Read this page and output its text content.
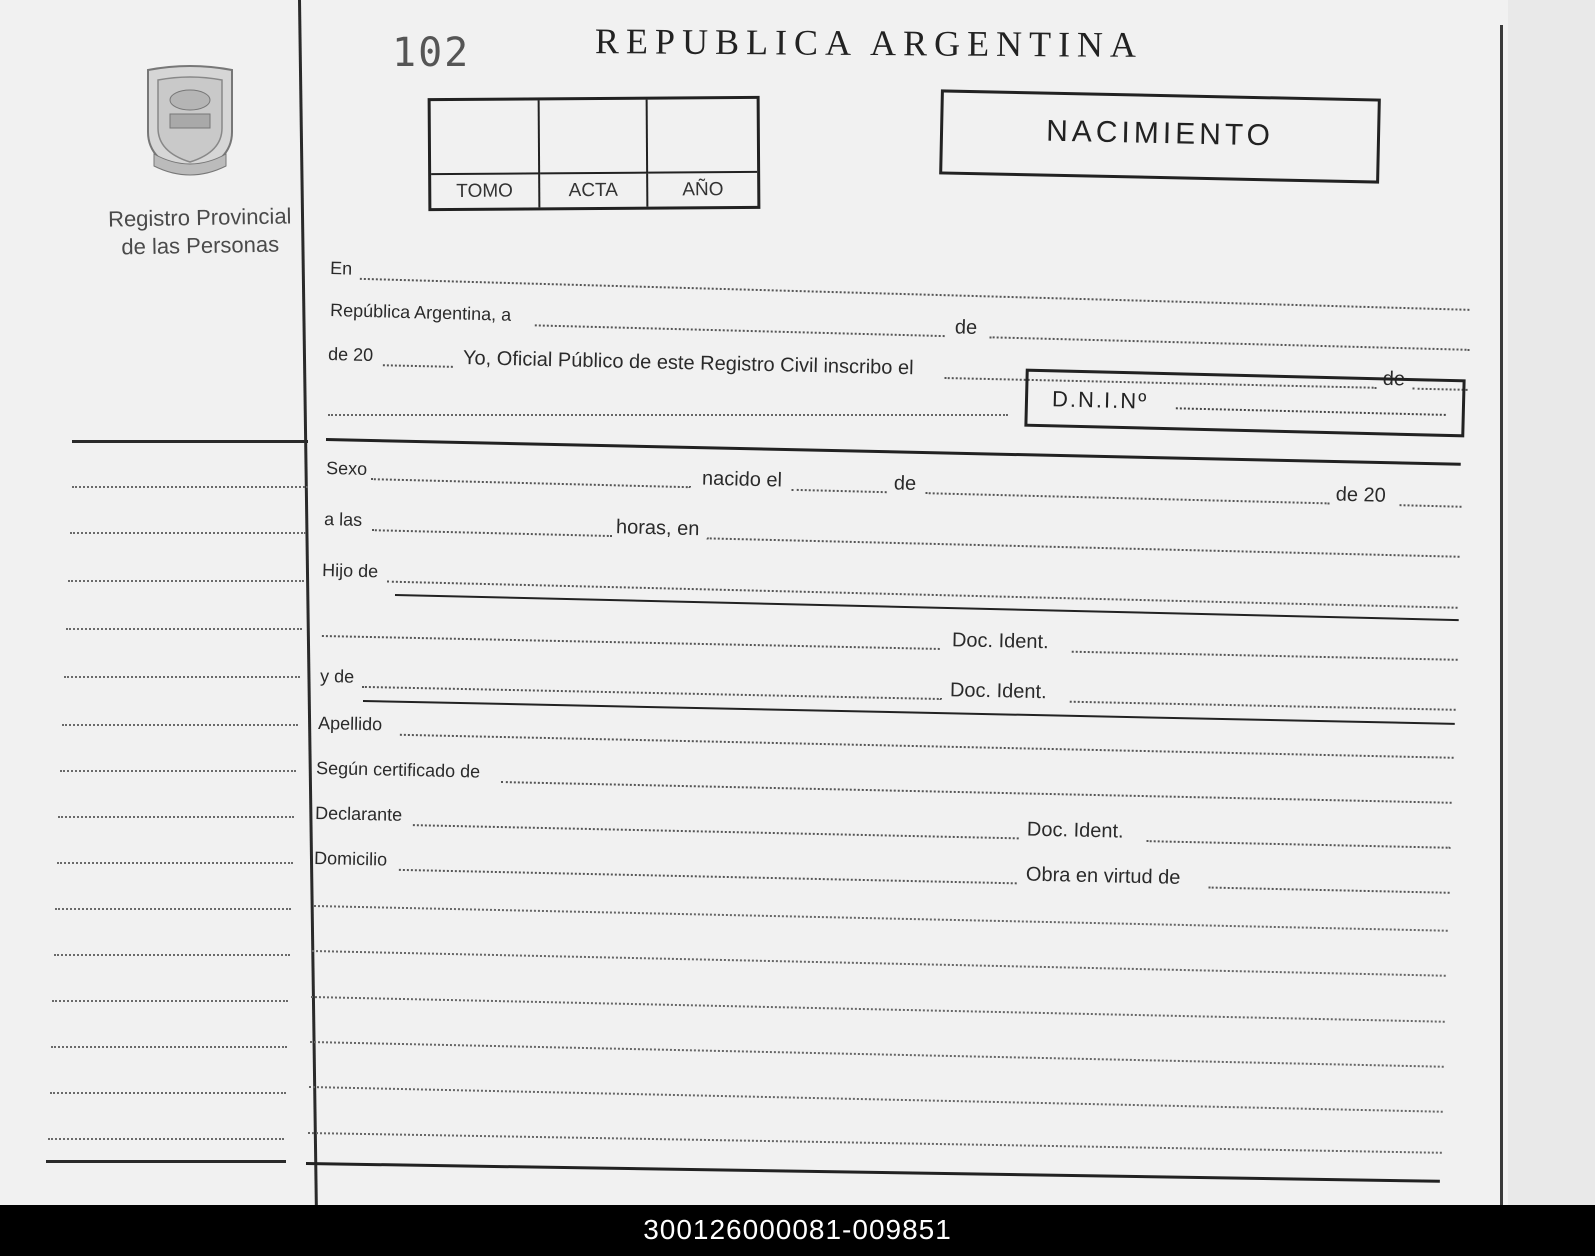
Registro Provincial
de las Personas
102	REPUBLICA ARGENTINA
TOMO	ACTA	AÑO
NACIMIENTO
En
República Argentina, a
de
de 20	Yo, Oficial Público de este Registro Civil inscribo el	de
D.N.I.Nº
Sexo	nacido el	de	de 20
a las	horas, en
Hijo de
Doc. Ident.
y de
Doc. Ident.
Apellido
Según certificado de
Declarante
Doc. Ident.
Domicilio
Obra en virtud de
300126000081-009851
